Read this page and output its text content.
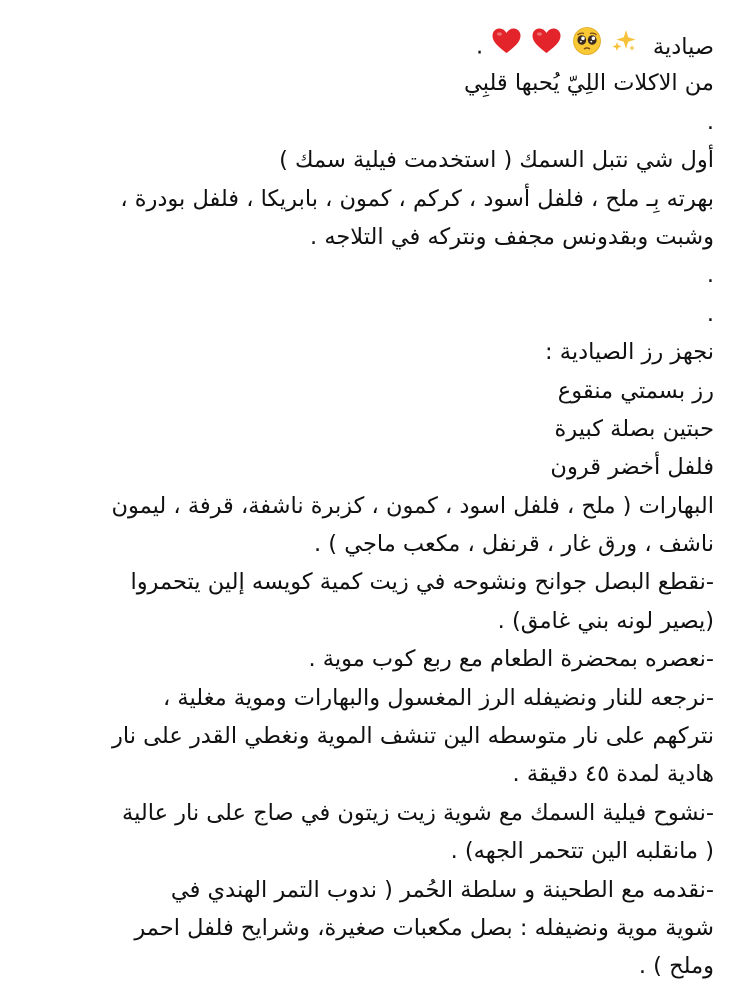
صيادية     .
من الاكلات اللِيّ يُحبها قلبِي
.
أول شي نتبل السمك ( استخدمت فيلية سمك )
بهرته بِـ ملح ، فلفل أسود ، كركم ، كمون ، بابريكا ، فلفل بودرة ،
وشبت وبقدونس مجفف ونتركه في التلاجه .
.
.
نجهز رز الصيادية :
رز بسمتي منقوع
حبتين بصلة كبيرة
فلفل أخضر قرون
البهارات ( ملح ، فلفل اسود ، كمون ، كزبرة ناشفة، قرفة ، ليمون
ناشف ، ورق غار ، قرنفل ، مكعب ماجي ) .
-نقطع البصل جوانح ونشوحه في زيت كمية كويسه إلين يتحمروا
(يصير لونه بني غامق) .
-نعصره بمحضرة الطعام مع ربع كوب موية .
-نرجعه للنار ونضيفله الرز المغسول والبهارات وموية مغلية ،
نتركهم على نار متوسطه الين تنشف الموية ونغطي القدر على نار
هادية لمدة ٤٥ دقيقة .
-نشوح فيلية السمك مع شوية زيت زيتون في صاج على نار عالية
( مانقلبه الين تتحمر الجهه) .
-نقدمه مع الطحينة و سلطة الحُمر ( ندوب التمر الهندي في
شوية موية ونضيفله : بصل مكعبات صغيرة، وشرايح فلفل احمر
وملح ) .
